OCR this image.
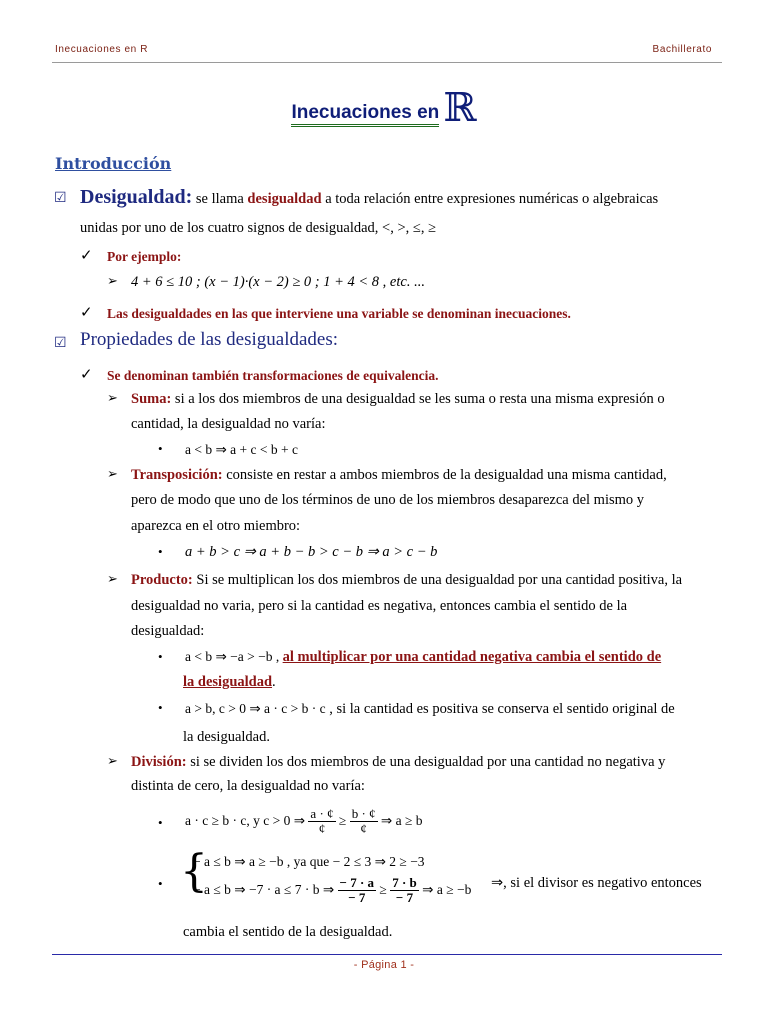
Inecuaciones en R	Bachillerato
Inecuaciones en ℝ
Introducción
☑ Desigualdad: se llama desigualdad a toda relación entre expresiones numéricas o algebraicas
unidas por uno de los cuatro signos de desigualdad, <, >, ≤, ≥
✓ Por ejemplo:
➢ 4 + 6 ≤ 10 ; (x − 1)·(x − 2) ≥ 0 ; 1 + 4 < 8 , etc. ...
✓ Las desigualdades en las que interviene una variable se denominan inecuaciones.
☑ Propiedades de las desigualdades:
✓ Se denominan también transformaciones de equivalencia.
➢ Suma: si a los dos miembros de una desigualdad se les suma o resta una misma expresión o
cantidad, la desigualdad no varía:
• a < b ⇒ a + c < b + c
➢ Transposición: consiste en restar a ambos miembros de la desigualdad una misma cantidad,
pero de modo que uno de los términos de uno de los miembros desaparezca del mismo y
aparezca en el otro miembro:
• a + b > c ⇒ a + b − b > c − b ⇒ a > c − b
➢ Producto: Si se multiplican los dos miembros de una desigualdad por una cantidad positiva, la
desigualdad no varia, pero si la cantidad es negativa, entonces cambia el sentido de la
desigualdad:
• a < b ⇒ −a > −b , al multiplicar por una cantidad negativa cambia el sentido de
la desigualdad.
• a > b, c > 0 ⇒ a · c > b · c , si la cantidad es positiva se conserva el sentido original de
la desigualdad.
➢ División: si se dividen los dos miembros de una desigualdad por una cantidad no negativa y
distinta de cero, la desigualdad no varía:
• a · c ≥ b · c, y c > 0 ⇒ $\frac{a \cdot ¢}{¢} \ge \frac{b \cdot ¢}{¢}$ ⇒ a ≥ b
{
•
− a ≤ b ⇒ a ≥ −b , ya que − 2 ≤ 3 ⇒ 2 ≥ −3
− a ≤ b ⇒ −7 · a ≤ 7 · b ⇒ $\frac{- 7 \cdot a}{- 7} \ge \frac{7 \cdot b}{- 7}$ ⇒ a ≥ −b ⇒, si el divisor es negativo entonces
cambia el sentido de la desigualdad.
- Página 1 -
